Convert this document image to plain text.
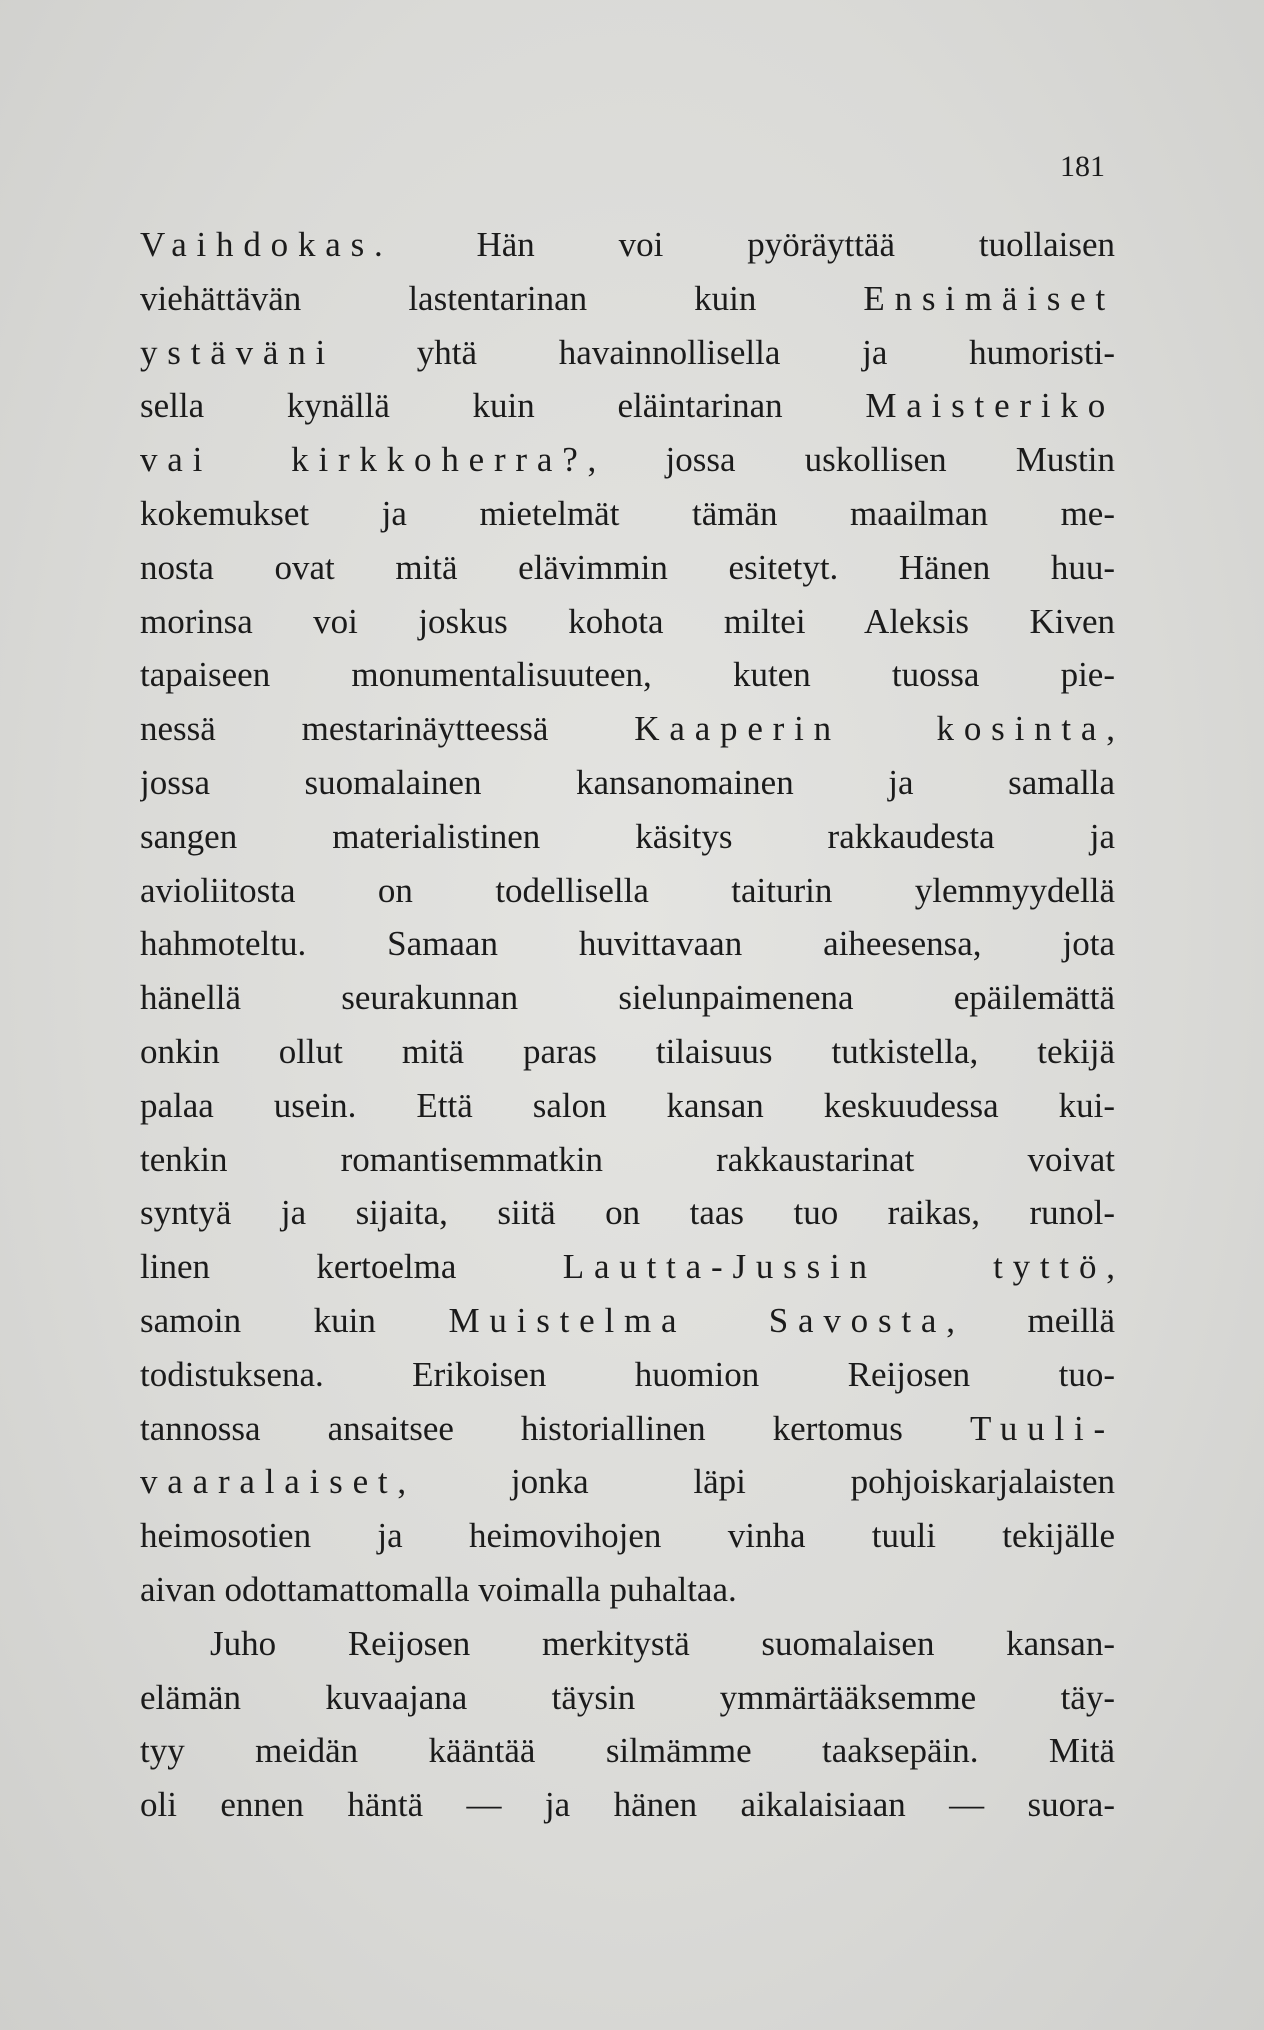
181
Vaihdokas. Hän voi pyöräyttää tuollaisen
viehättävän lastentarinan kuin Ensimäiset
ystäväni yhtä havainnollisella ja humoristi-
sella kynällä kuin eläintarinan Maisteriko
vai kirkkoherra?, jossa uskollisen Mustin
kokemukset ja mietelmät tämän maailman me-
nosta ovat mitä elävimmin esitetyt. Hänen huu-
morinsa voi joskus kohota miltei Aleksis Kiven
tapaiseen monumentalisuuteen, kuten tuossa pie-
nessä mestarinäytteessä Kaaperin kosinta,
jossa suomalainen kansanomainen ja samalla
sangen materialistinen käsitys rakkaudesta ja
avioliitosta on todellisella taiturin ylemmyydellä
hahmoteltu. Samaan huvittavaan aiheesensa, jota
hänellä seurakunnan sielunpaimenena epäilemättä
onkin ollut mitä paras tilaisuus tutkistella, tekijä
palaa usein. Että salon kansan keskuudessa kui-
tenkin romantisemmatkin rakkaustarinat voivat
syntyä ja sijaita, siitä on taas tuo raikas, runol-
linen kertoelma Lautta-Jussin tyttö,
samoin kuin Muistelma Savosta, meillä
todistuksena. Erikoisen huomion Reijosen tuo-
tannossa ansaitsee historiallinen kertomus Tuuli-
vaaralaiset, jonka läpi pohjoiskarjalaisten
heimosotien ja heimovihojen vinha tuuli tekijälle
aivan odottamattomalla voimalla puhaltaa.
Juho Reijosen merkitystä suomalaisen kansan-
elämän kuvaajana täysin ymmärtääksemme täy-
tyy meidän kääntää silmämme taaksepäin. Mitä
oli ennen häntä — ja hänen aikalaisiaan — suora-
